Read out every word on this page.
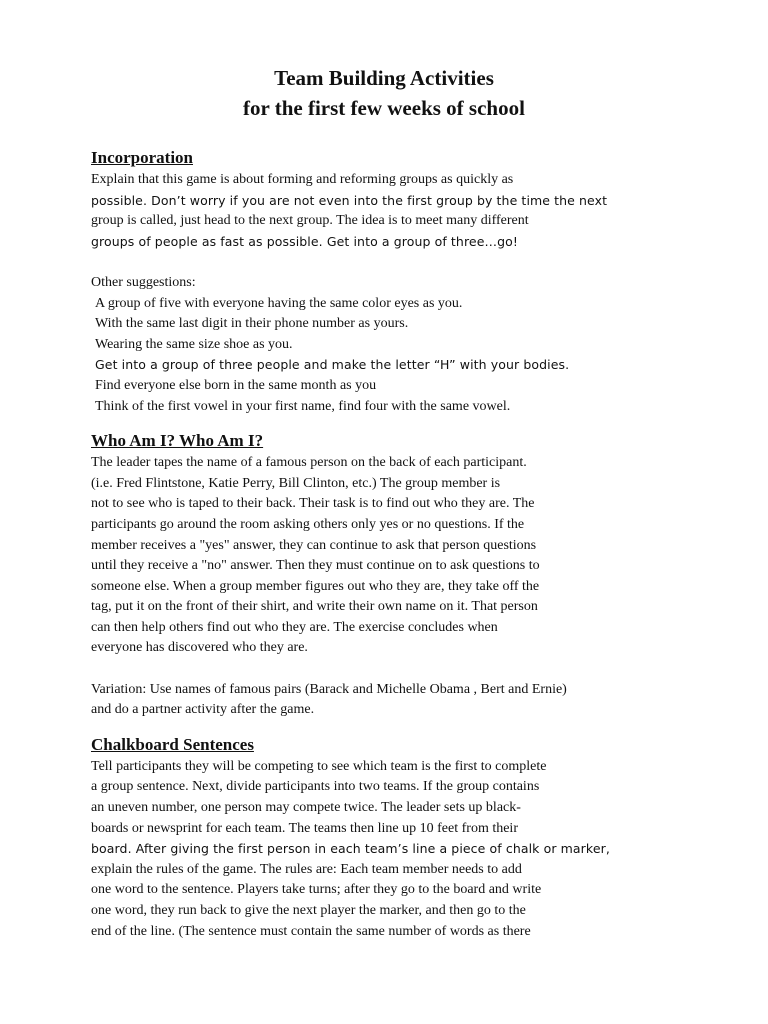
Team Building Activities

for the first few weeks of school

Incorporation

Explain that this game is about forming and reforming groups as quickly as

possible. Don’t worry if you are not even into the first group by the time the next

group is called, just head to the next group. The idea is to meet many different

groups of people as fast as possible. Get into a group of three…go!

Other suggestions:

A group of five with everyone having the same color eyes as you.

With the same last digit in their phone number as yours.

Wearing the same size shoe as you.

Get into a group of three people and make the letter “H” with your bodies.

Find everyone else born in the same month as you

Think of the first vowel in your first name, find four with the same vowel.

Who Am I? Who Am I?

The leader tapes the name of a famous person on the back of each participant.

(i.e. Fred Flintstone, Katie Perry, Bill Clinton, etc.) The group member is

not to see who is taped to their back. Their task is to find out who they are. The

participants go around the room asking others only yes or no questions. If the

member receives a "yes" answer, they can continue to ask that person questions

until they receive a "no" answer. Then they must continue on to ask questions to

someone else. When a group member figures out who they are, they take off the

tag, put it on the front of their shirt, and write their own name on it. That person

can then help others find out who they are. The exercise concludes when

everyone has discovered who they are.

Variation: Use names of famous pairs (Barack and Michelle Obama , Bert and Ernie)

and do a partner activity after the game.

Chalkboard Sentences

Tell participants they will be competing to see which team is the first to complete

a group sentence. Next, divide participants into two teams. If the group contains

an uneven number, one person may compete twice. The leader sets up black-

boards or newsprint for each team. The teams then line up 10 feet from their

board. After giving the first person in each team’s line a piece of chalk or marker,

explain the rules of the game. The rules are: Each team member needs to add

one word to the sentence. Players take turns; after they go to the board and write

one word, they run back to give the next player the marker, and then go to the

end of the line. (The sentence must contain the same number of words as there
